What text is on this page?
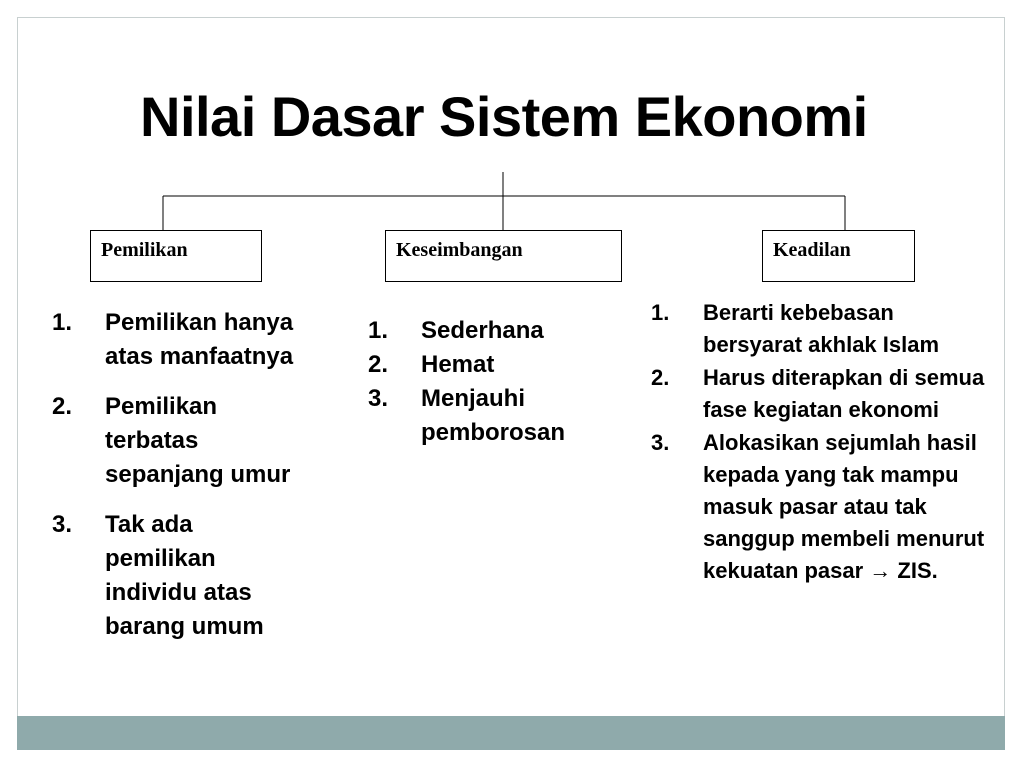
Nilai Dasar Sistem Ekonomi
Pemilikan	Keseimbangan	Keadilan
1. Pemilikan hanya atas manfaatnya
2. Pemilikan terbatas sepanjang umur
3. Tak ada pemilikan individu atas barang umum
1. Sederhana
2. Hemat
3. Menjauhi pemborosan
1. Berarti kebebasan bersyarat akhlak Islam
2. Harus diterapkan di semua fase kegiatan ekonomi
3. Alokasikan sejumlah hasil kepada yang tak mampu masuk pasar atau tak sanggup membeli menurut kekuatan pasar → ZIS.
